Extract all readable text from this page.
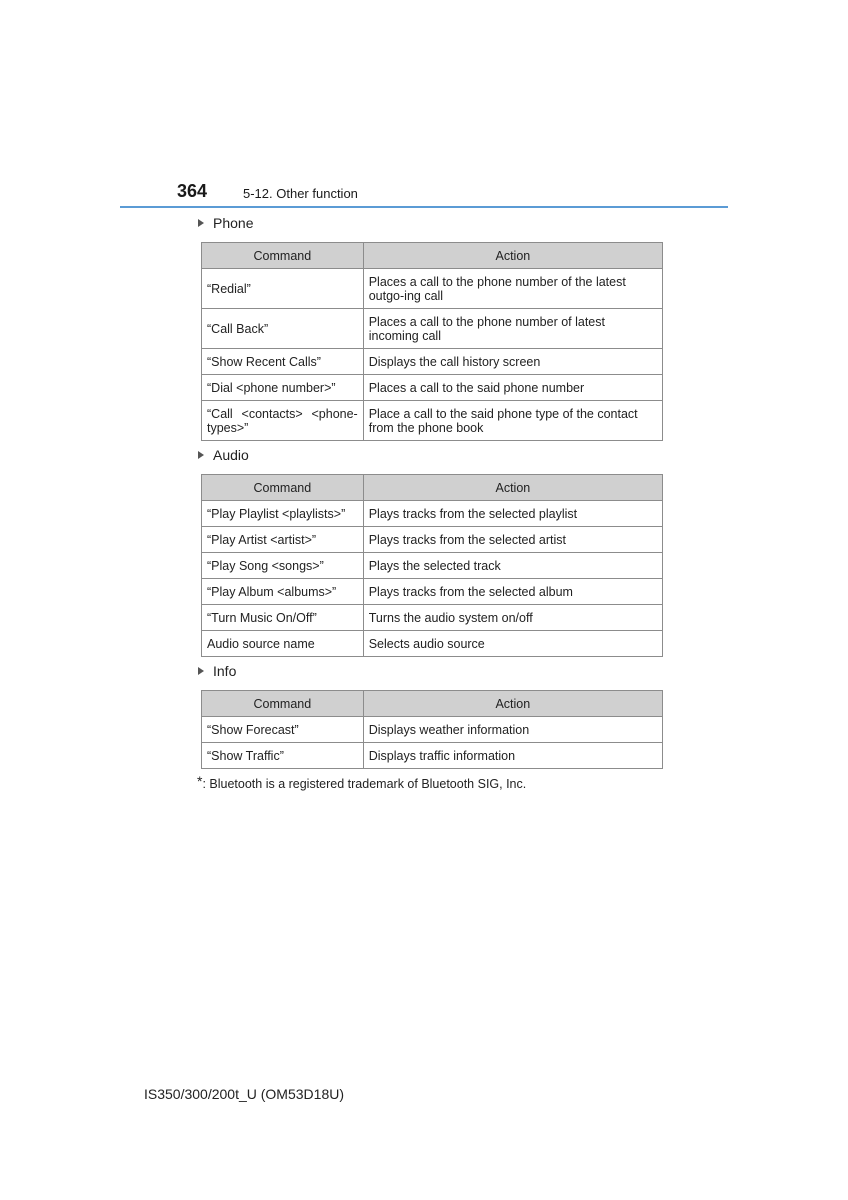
364	5-12. Other function
Phone
Command	Action
“Redial”	Places a call to the phone number of the latest outgo-ing call
“Call Back”	Places a call to the phone number of latest incoming call
“Show Recent Calls”	Displays the call history screen
“Dial <phone number>”	Places a call to the said phone number
“Call <contacts> <phone-types>”	Place a call to the said phone type of the contact from the phone book
Audio
Command	Action
“Play Playlist <playlists>”	Plays tracks from the selected playlist
“Play Artist <artist>”	Plays tracks from the selected artist
“Play Song <songs>”	Plays the selected track
“Play Album <albums>”	Plays tracks from the selected album
“Turn Music On/Off”	Turns the audio system on/off
Audio source name	Selects audio source
Info
Command	Action
“Show Forecast”	Displays weather information
“Show Traffic”	Displays traffic information
*: Bluetooth is a registered trademark of Bluetooth SIG, Inc.
IS350/300/200t_U (OM53D18U)
